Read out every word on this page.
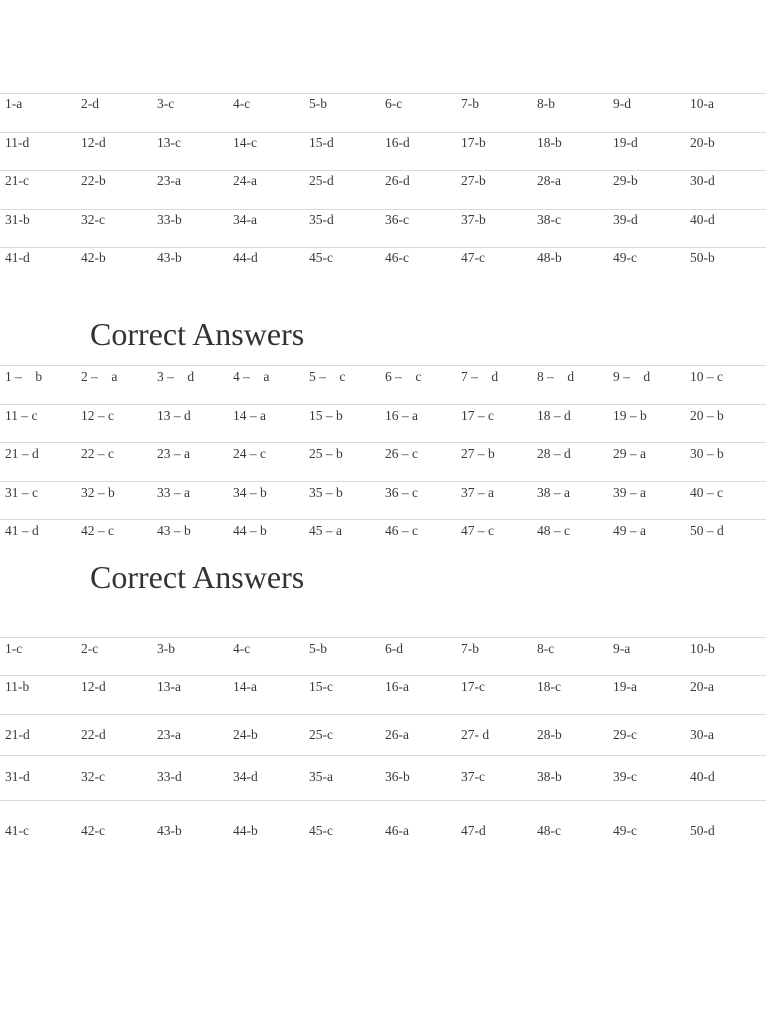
1-a	2-d	3-c	4-c	5-b	6-c	7-b	8-b	9-d	10-a
11-d	12-d	13-c	14-c	15-d	16-d	17-b	18-b	19-d	20-b
21-c	22-b	23-a	24-a	25-d	26-d	27-b	28-a	29-b	30-d
31-b	32-c	33-b	34-a	35-d	36-c	37-b	38-c	39-d	40-d
41-d	42-b	43-b	44-d	45-c	46-c	47-c	48-b	49-c	50-b
Correct Answers
1 –    b	2 –    a	3 –    d	4 –    a	5 –    c	6 –    c	7 –    d	8 –    d	9 –    d	10 – c
11 – c	12 – c	13 – d	14 – a	15 – b	16 – a	17 – c	18 – d	19 – b	20 – b
21 – d	22 – c	23 – a	24 – c	25 – b	26 – c	27 – b	28 – d	29 – a	30 – b
31 – c	32 – b	33 – a	34 – b	35 – b	36 – c	37 – a	38 – a	39 – a	40 – c
41 – d	42 – c	43 – b	44 – b	45 – a	46 – c	47 – c	48 – c	49 – a	50 – d
Correct Answers
1-c	2-c	3-b	4-c	5-b	6-d	7-b	8-c	9-a	10-b
11-b	12-d	13-a	14-a	15-c	16-a	17-c	18-c	19-a	20-a
21-d	22-d	23-a	24-b	25-c	26-a	27- d	28-b	29-c	30-a
31-d	32-c	33-d	34-d	35-a	36-b	37-c	38-b	39-c	40-d
41-c	42-c	43-b	44-b	45-c	46-a	47-d	48-c	49-c	50-d
